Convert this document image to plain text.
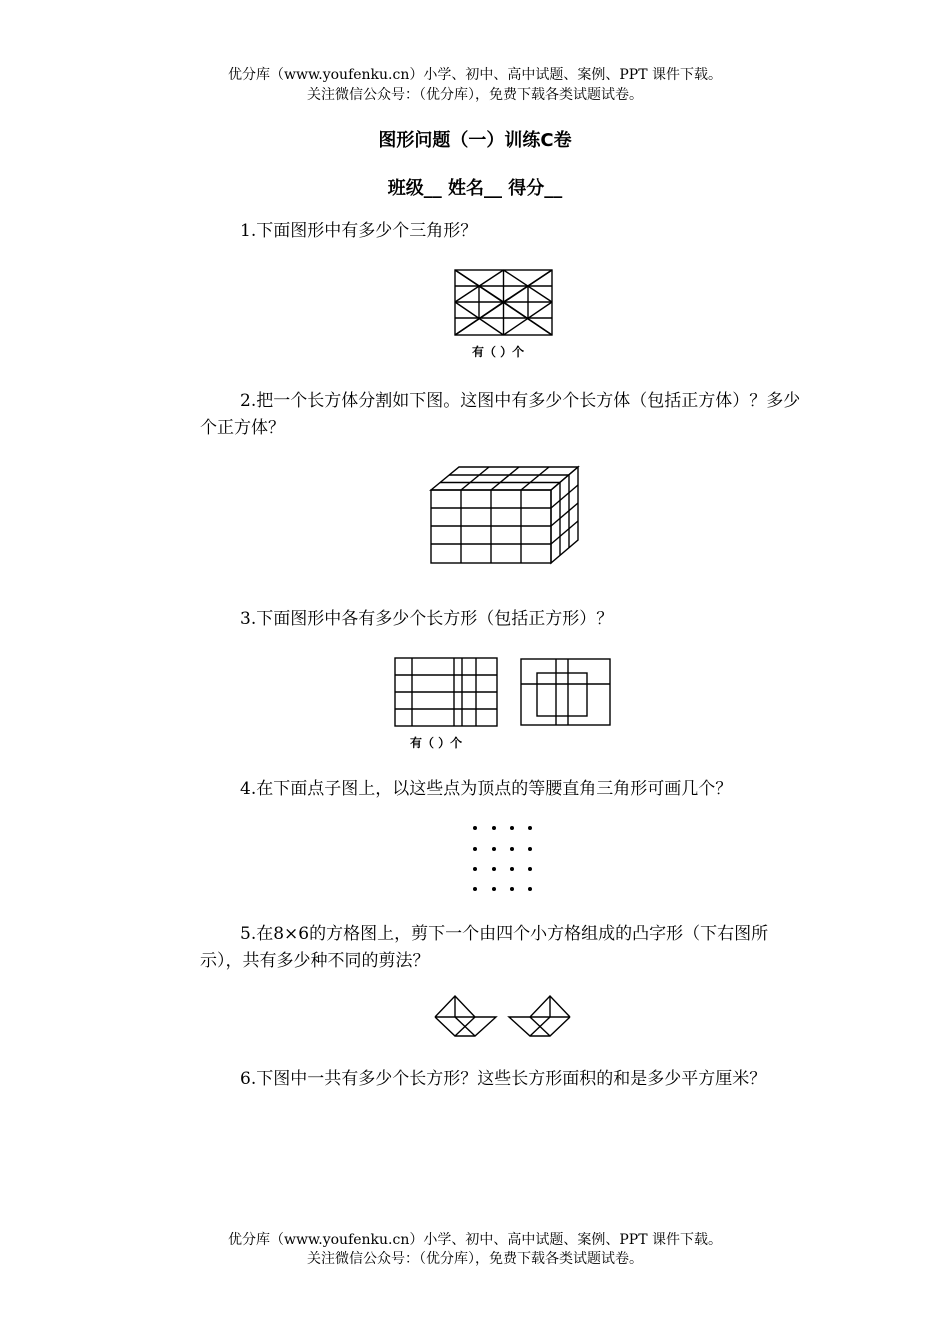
优分库（www.youfenku.cn）小学、初中、高中试题、案例、PPT 课件下载。
关注微信公众号：（优分库），免费下载各类试题试卷。
图形问题（一）训练C卷
班级__ 姓名__ 得分__
1.下面图形中有多少个三角形？
有（ ）个
2.把一个长方体分割如下图。这图中有多少个长方体（包括正方体）？多少个正方体？
3.下面图形中各有多少个长方形（包括正方形）？
有（ ）个
4.在下面点子图上，以这些点为顶点的等腰直角三角形可画几个？
5.在8×6的方格图上，剪下一个由四个小方格组成的凸字形（下右图所示），共有多少种不同的剪法？
6.下图中一共有多少个长方形？这些长方形面积的和是多少平方厘米？
优分库（www.youfenku.cn）小学、初中、高中试题、案例、PPT 课件下载。
关注微信公众号：（优分库），免费下载各类试题试卷。
